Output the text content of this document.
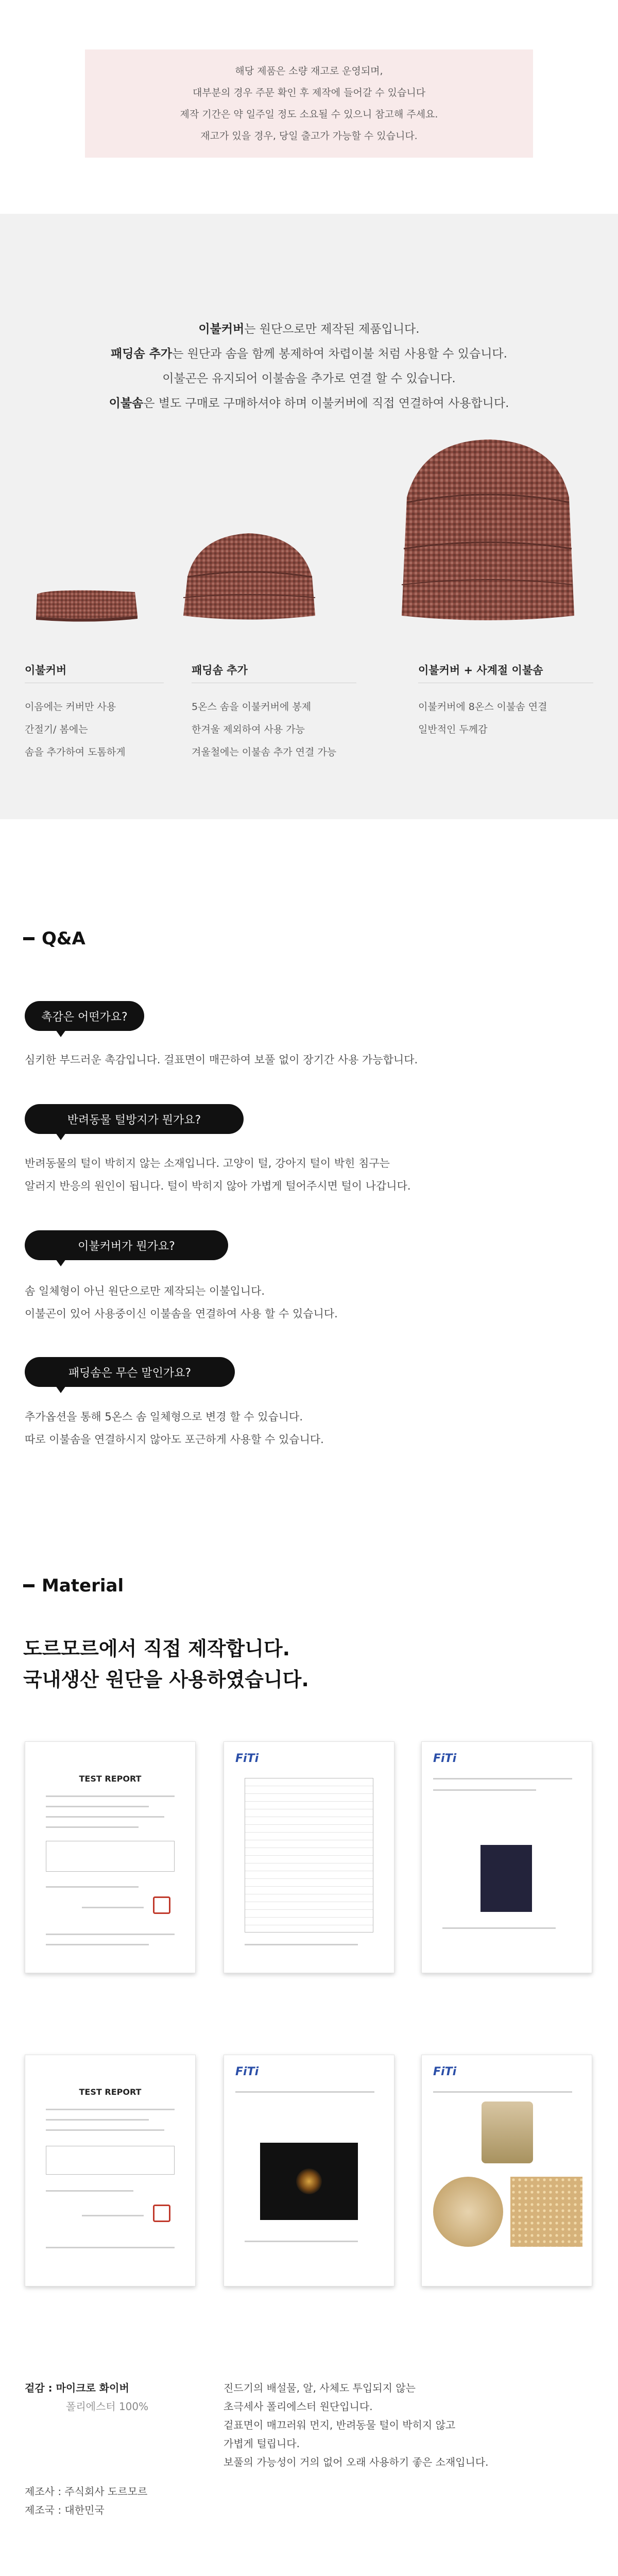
해당 제품은 소량 재고로 운영되며,

대부분의 경우 주문 확인 후 제작에 들어갈 수 있습니다

제작 기간은 약 일주일 정도 소요될 수 있으니 참고해 주세요.

재고가 있을 경우, 당일 출고가 가능할 수 있습니다.

이불커버는 원단으로만 제작된 제품입니다.

패딩솜 추가는 원단과 솜을 함께 봉제하여 차렵이불 처럼 사용할 수 있습니다.

이불곤은 유지되어 이불솜을 추가로 연결 할 수 있습니다.

이불솜은 별도 구매로 구매하셔야 하며 이불커버에 직접 연결하여 사용합니다.

이불커버

이음에는 커버만 사용

간절기/ 봄에는

솜을 추가하여 도톰하게

패딩솜 추가

5온스 솜을 이불커버에 봉제

한겨울 제외하여 사용 가능

겨울철에는 이불솜 추가 연결 가능

이불커버 + 사계절 이불솜

이불커버에 8온스 이불솜 연결

일반적인 두께감

Q&A
촉감은 어떤가요?

심키한 부드러운 촉감입니다. 걸표면이 매끈하여 보풀 없이 장기간 사용 가능합니다.

반려동물 털방지가 뭔가요?

반려동물의 털이 박히지 않는 소재입니다. 고양이 털, 강아지 털이 박힌 침구는

알러지 반응의 원인이 됩니다. 털이 박히지 않아 가볍게 털어주시면 털이 나갑니다.

이불커버가 뭔가요?

솜 일체형이 아닌 원단으로만 제작되는 이불입니다.

이불곤이 있어 사용중이신 이불솜을 연결하여 사용 할 수 있습니다.

패딩솜은 무슨 말인가요?

추가옵션을 통해 5온스 솜 일체형으로 변경 할 수 있습니다.

따로 이불솜을 연결하시지 않아도 포근하게 사용할 수 있습니다.

Material

도르모르에서 직접 제작합니다.

국내생산 원단을 사용하였습니다.

TEST REPORT
FiTi	FiTi
TEST REPORT
FiTi	FiTi

겉감 : 마이크로 화이버

폴리에스터 100%

진드기의 배설물, 알, 사체도 투입되지 않는

초극세사 폴리에스터 원단입니다.

겉표면이 매끄러워 먼지, 반려동물 털이 박히지 않고

가볍게 털립니다.

보풀의 가능성이 거의 없어 오래 사용하기 좋은 소재입니다.

제조사 : 주식회사 도르모르

제조국 : 대한민국
